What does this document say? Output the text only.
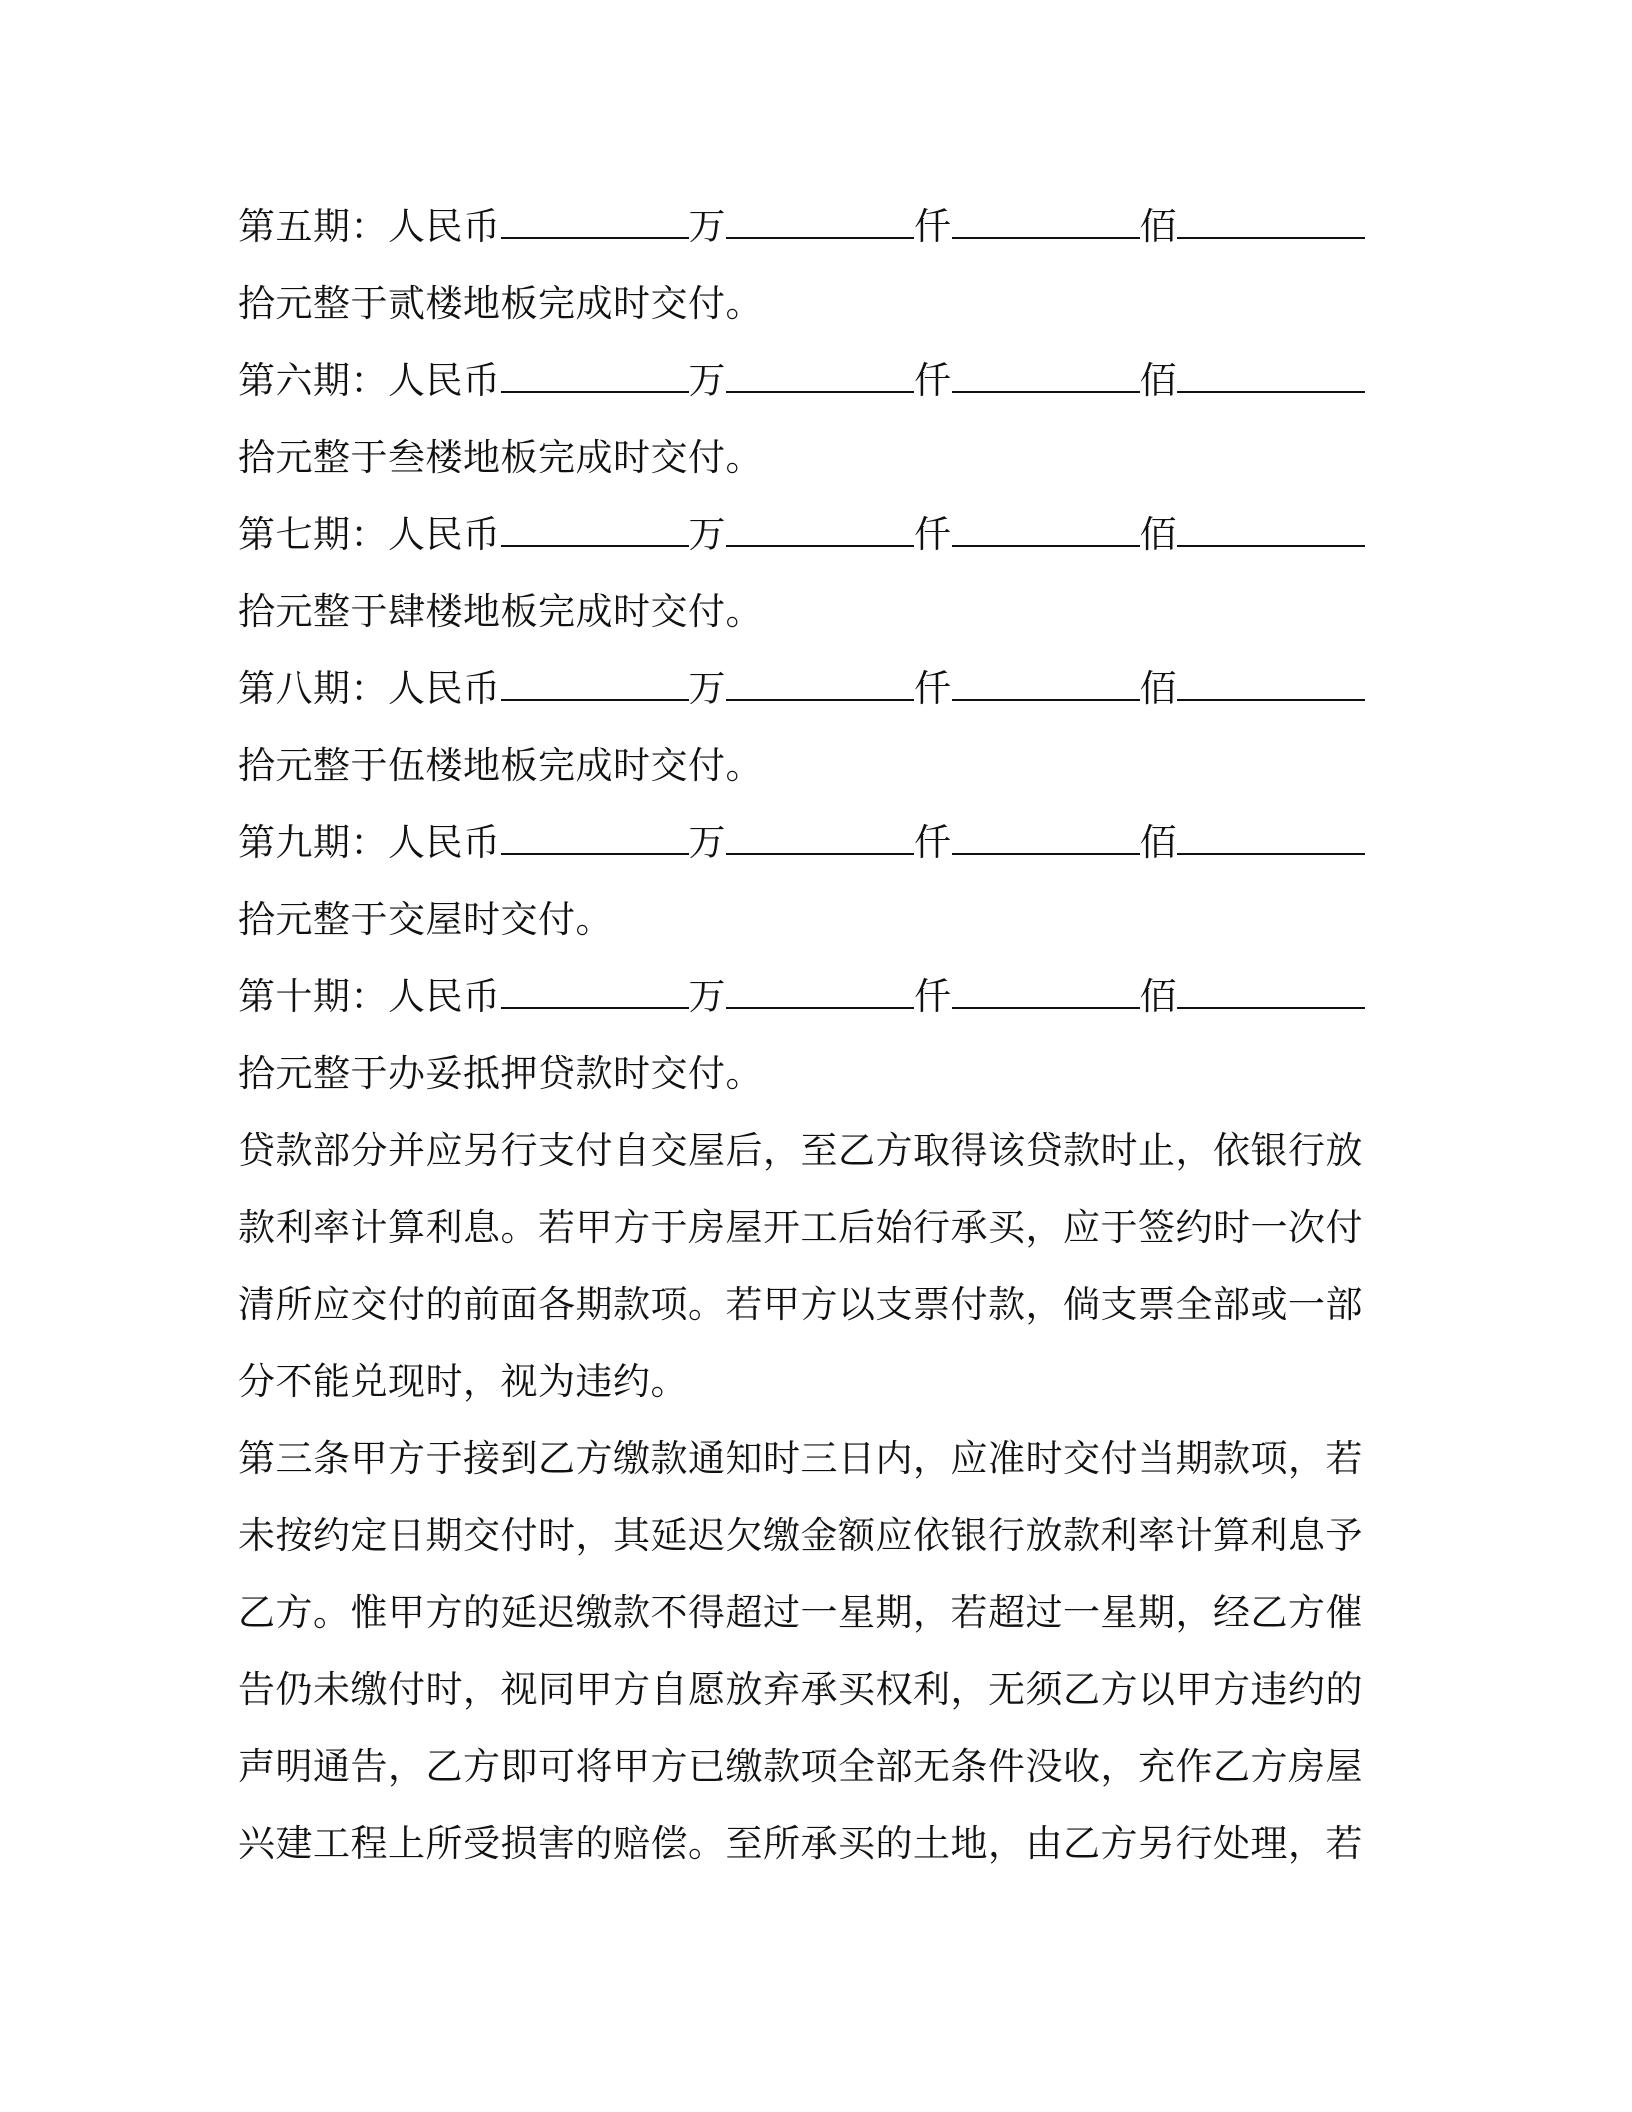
第五期：人民币	万	仟	佰
拾元整于贰楼地板完成时交付。
第六期：人民币	万	仟	佰
拾元整于叁楼地板完成时交付。
第七期：人民币	万	仟	佰
拾元整于肆楼地板完成时交付。
第八期：人民币	万	仟	佰
拾元整于伍楼地板完成时交付。
第九期：人民币	万	仟	佰
拾元整于交屋时交付。
第十期：人民币	万	仟	佰
拾元整于办妥抵押贷款时交付。
贷款部分并应另行支付自交屋后，至乙方取得该贷款时止，依银行放
款利率计算利息。若甲方于房屋开工后始行承买，应于签约时一次付
清所应交付的前面各期款项。若甲方以支票付款，倘支票全部或一部
分不能兑现时，视为违约。
第三条甲方于接到乙方缴款通知时三日内，应准时交付当期款项，若
未按约定日期交付时，其延迟欠缴金额应依银行放款利率计算利息予
乙方。惟甲方的延迟缴款不得超过一星期，若超过一星期，经乙方催
告仍未缴付时，视同甲方自愿放弃承买权利，无须乙方以甲方违约的
声明通告，乙方即可将甲方已缴款项全部无条件没收，充作乙方房屋
兴建工程上所受损害的赔偿。至所承买的土地，由乙方另行处理，若
